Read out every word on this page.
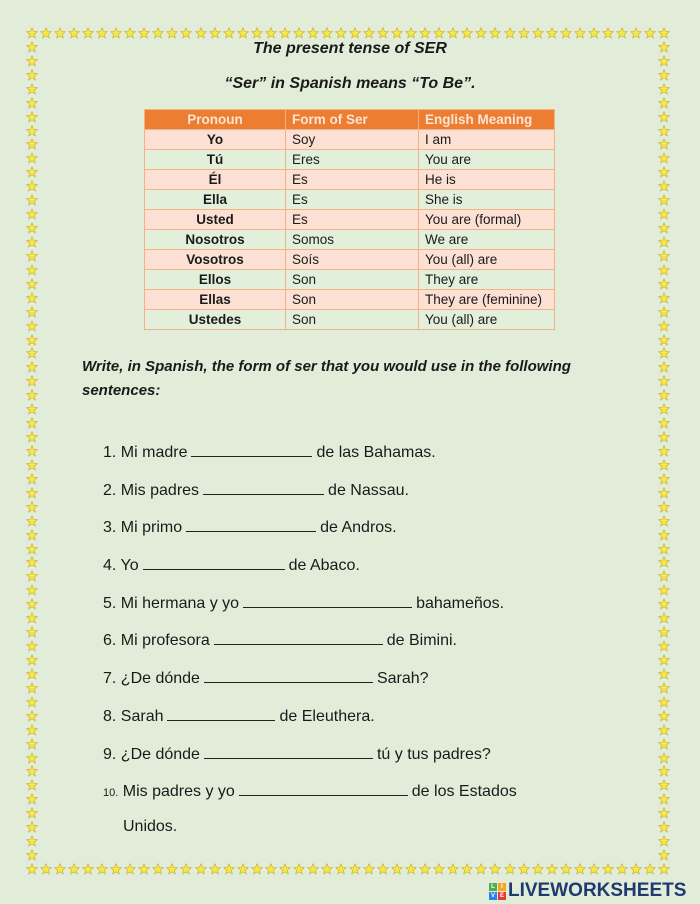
The present tense of SER
“Ser” in Spanish means “To Be”.
Pronoun	Form of Ser	English Meaning
Yo	Soy	I am
Tú	Eres	You are
Él	Es	He is
Ella	Es	She is
Usted	Es	You are (formal)
Nosotros	Somos	We are
Vosotros	Soís	You (all) are
Ellos	Son	They are
Ellas	Son	They are (feminine)
Ustedes	Son	You (all) are
Write, in Spanish, the form of ser that you would use in the following sentences:
1. Mi madre	de las Bahamas.
2. Mis padres	de Nassau.
3. Mi primo	de Andros.
4. Yo	de Abaco.
5. Mi hermana y yo	bahameños.
6. Mi profesora	de Bimini.
7. ¿De dónde	Sarah?
8. Sarah	de Eleuthera.
9. ¿De dónde	tú y tus padres?
10. Mis padres y yo	de los Estados
Unidos.
L	I
V E LIVEWORKSHEETS
